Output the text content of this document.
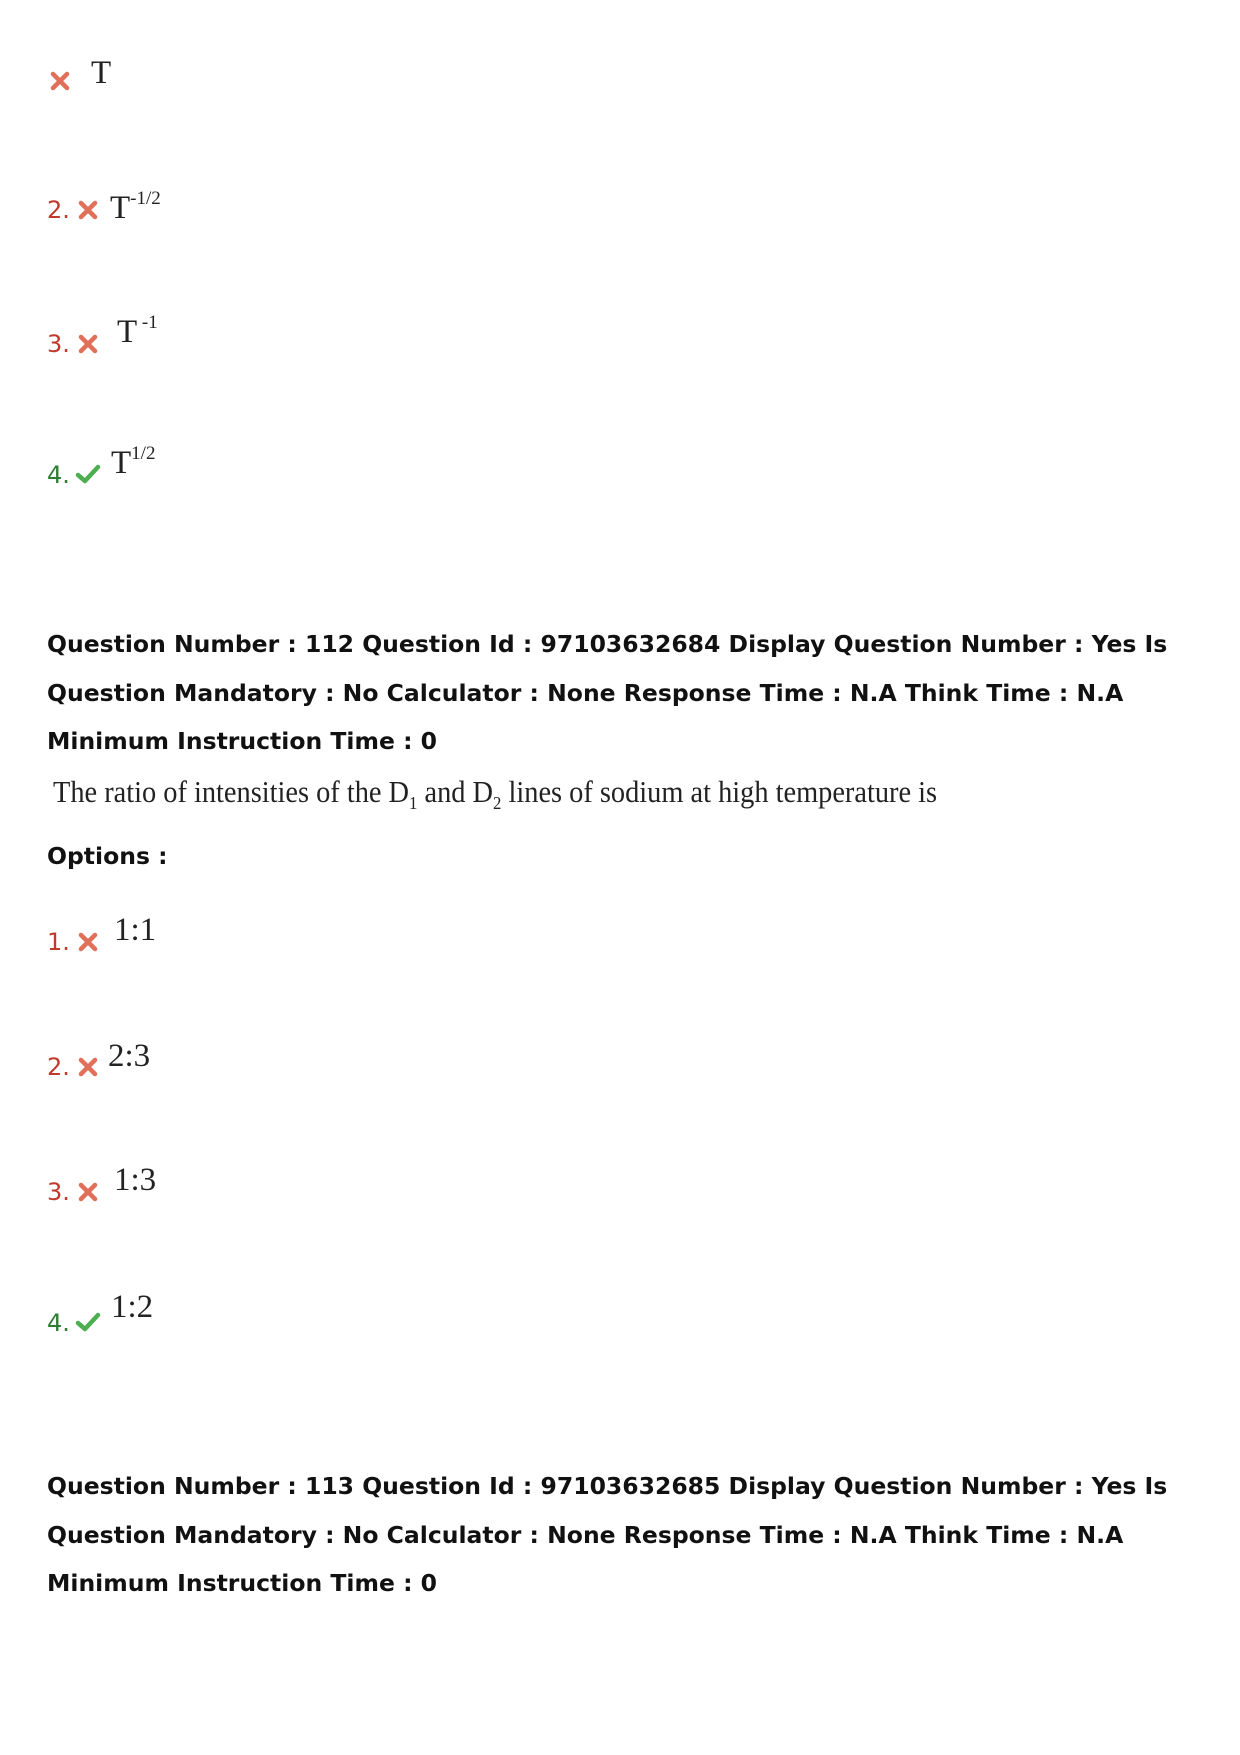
T
2. $T^{-1/2}$
3. T $^{-1}$
4. $T^{1/2}$
Question Number : 112 Question Id : 97103632684 Display Question Number : Yes Is Question Mandatory : No Calculator : None Response Time : N.A Think Time : N.A Minimum Instruction Time : 0
The ratio of intensities of the $D_1$ and $D_2$ lines of sodium at high temperature is
Options :
1. 1:1
2. 2:3
3. 1:3
4. 1:2
Question Number : 113 Question Id : 97103632685 Display Question Number : Yes Is Question Mandatory : No Calculator : None Response Time : N.A Think Time : N.A Minimum Instruction Time : 0
